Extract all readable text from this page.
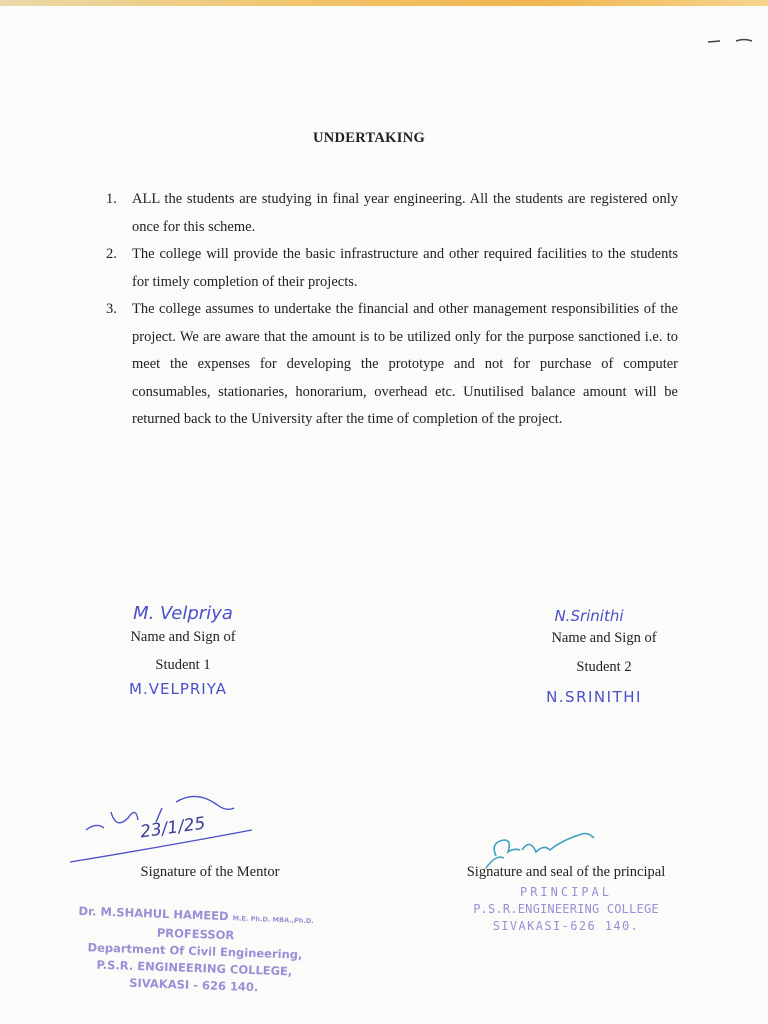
UNDERTAKING
1.	ALL the students are studying in final year engineering. All the students are registered only once for this scheme.
2.	The college will provide the basic infrastructure and other required facilities to the students for timely completion of their projects.
3.	The college assumes to undertake the financial and other management responsibilities of the project. We are aware that the amount is to be utilized only for the purpose sanctioned i.e. to meet the expenses for developing the prototype and not for purchase of computer consumables, stationaries, honorarium, overhead etc. Unutilised balance amount will be returned back to the University after the time of completion of the project.
M. Velpriya
Name and Sign of
Student 1
M.VELPRIYA
N.Srinithi
Name and Sign of
Student 2
N.SRINITHI
23/1/25
Signature of the Mentor
Dr. M.SHAHUL HAMEED M.E. Ph.D. MBA.,Ph.D.
PROFESSOR
Department Of Civil Engineering,
P.S.R. ENGINEERING COLLEGE,
SIVAKASI - 626 140.
Signature and seal of the principal
PRINCIPAL
P.S.R.ENGINEERING COLLEGE
SIVAKASI-626 140.
